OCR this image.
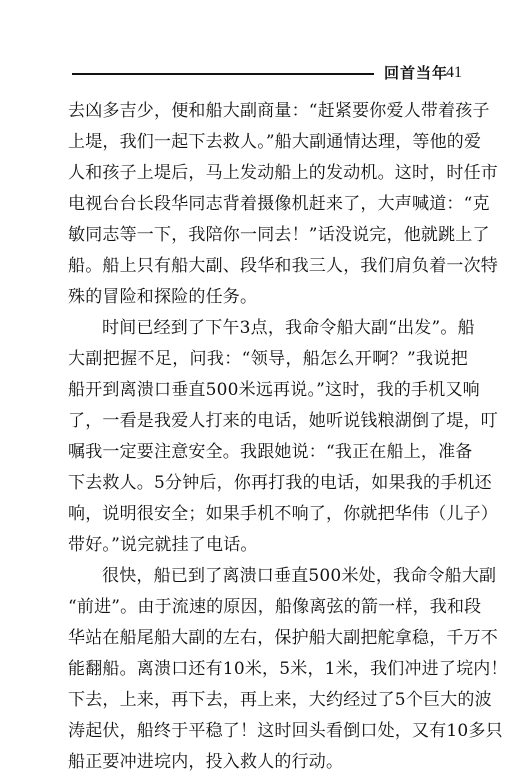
回首当年
41
去凶多吉少，便和船大副商量：“赶紧要你爱人带着孩子
上堤，我们一起下去救人。”船大副通情达理，等他的爱
人和孩子上堤后，马上发动船上的发动机。这时，时任市
电视台台长段华同志背着摄像机赶来了，大声喊道：“克
敏同志等一下，我陪你一同去！”话没说完，他就跳上了
船。船上只有船大副、段华和我三人，我们肩负着一次特
殊的冒险和探险的任务。
时间已经到了下午3点，我命令船大副“出发”。船
大副把握不足，问我：“领导，船怎么开啊？”我说把
船开到离溃口垂直500米远再说。”这时，我的手机又响
了，一看是我爱人打来的电话，她听说钱粮湖倒了堤，叮
嘱我一定要注意安全。我跟她说：“我正在船上，准备
下去救人。5分钟后，你再打我的电话，如果我的手机还
响，说明很安全；如果手机不响了，你就把华伟（儿子）
带好。”说完就挂了电话。
很快，船已到了离溃口垂直500米处，我命令船大副
“前进”。由于流速的原因，船像离弦的箭一样，我和段
华站在船尾船大副的左右，保护船大副把舵拿稳，千万不
能翻船。离溃口还有10米，5米，1米，我们冲进了垸内！
下去，上来，再下去，再上来，大约经过了5个巨大的波
涛起伏，船终于平稳了！这时回头看倒口处，又有10多只
船正要冲进垸内，投入救人的行动。
